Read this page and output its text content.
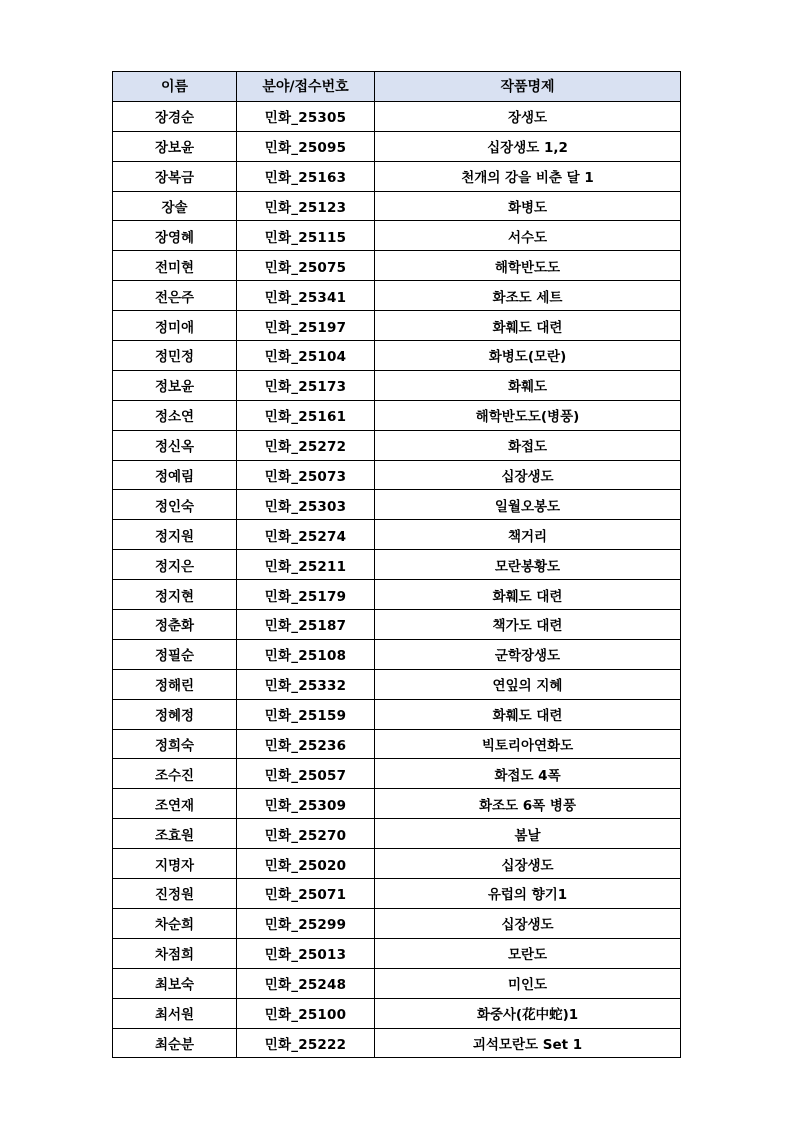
이름	분야/접수번호	작품명제
장경순	민화_25305	장생도
장보윤	민화_25095	십장생도 1,2
장복금	민화_25163	천개의 강을 비춘 달 1
장솔	민화_25123	화병도
장영혜	민화_25115	서수도
전미현	민화_25075	해학반도도
전은주	민화_25341	화조도 세트
정미애	민화_25197	화훼도 대련
정민정	민화_25104	화병도(모란)
정보윤	민화_25173	화훼도
정소연	민화_25161	해학반도도(병풍)
정신옥	민화_25272	화접도
정예림	민화_25073	십장생도
정인숙	민화_25303	일월오봉도
정지원	민화_25274	책거리
정지은	민화_25211	모란봉황도
정지현	민화_25179	화훼도 대련
정춘화	민화_25187	책가도 대련
정필순	민화_25108	군학장생도
정해린	민화_25332	연잎의 지혜
정혜정	민화_25159	화훼도 대련
정희숙	민화_25236	빅토리아연화도
조수진	민화_25057	화접도 4폭
조연재	민화_25309	화조도 6폭 병풍
조효원	민화_25270	봄날
지명자	민화_25020	십장생도
진정원	민화_25071	유럽의 향기1
차순희	민화_25299	십장생도
차점희	민화_25013	모란도
최보숙	민화_25248	미인도
최서원	민화_25100	화중사(花中蛇)1
최순분	민화_25222	괴석모란도 Set 1
